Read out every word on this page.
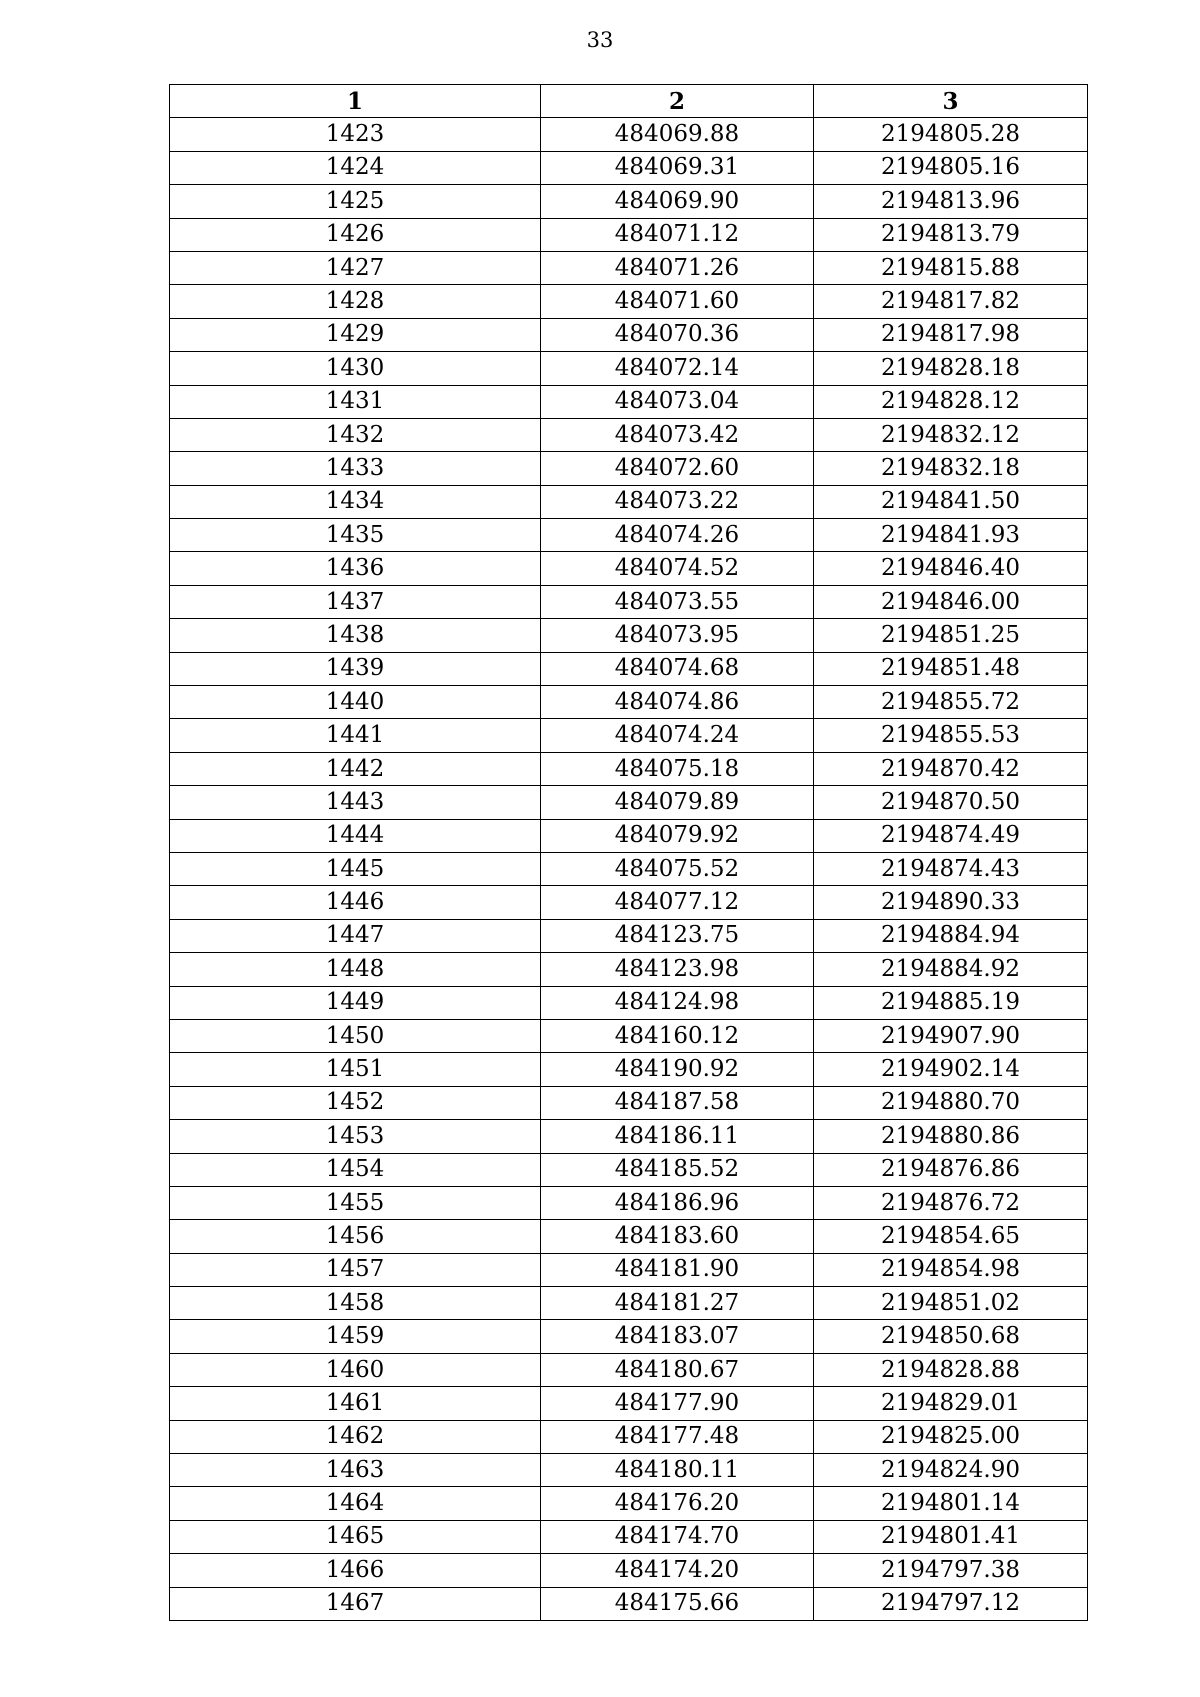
33
1	2	3
1423	484069.88	2194805.28
1424	484069.31	2194805.16
1425	484069.90	2194813.96
1426	484071.12	2194813.79
1427	484071.26	2194815.88
1428	484071.60	2194817.82
1429	484070.36	2194817.98
1430	484072.14	2194828.18
1431	484073.04	2194828.12
1432	484073.42	2194832.12
1433	484072.60	2194832.18
1434	484073.22	2194841.50
1435	484074.26	2194841.93
1436	484074.52	2194846.40
1437	484073.55	2194846.00
1438	484073.95	2194851.25
1439	484074.68	2194851.48
1440	484074.86	2194855.72
1441	484074.24	2194855.53
1442	484075.18	2194870.42
1443	484079.89	2194870.50
1444	484079.92	2194874.49
1445	484075.52	2194874.43
1446	484077.12	2194890.33
1447	484123.75	2194884.94
1448	484123.98	2194884.92
1449	484124.98	2194885.19
1450	484160.12	2194907.90
1451	484190.92	2194902.14
1452	484187.58	2194880.70
1453	484186.11	2194880.86
1454	484185.52	2194876.86
1455	484186.96	2194876.72
1456	484183.60	2194854.65
1457	484181.90	2194854.98
1458	484181.27	2194851.02
1459	484183.07	2194850.68
1460	484180.67	2194828.88
1461	484177.90	2194829.01
1462	484177.48	2194825.00
1463	484180.11	2194824.90
1464	484176.20	2194801.14
1465	484174.70	2194801.41
1466	484174.20	2194797.38
1467	484175.66	2194797.12
